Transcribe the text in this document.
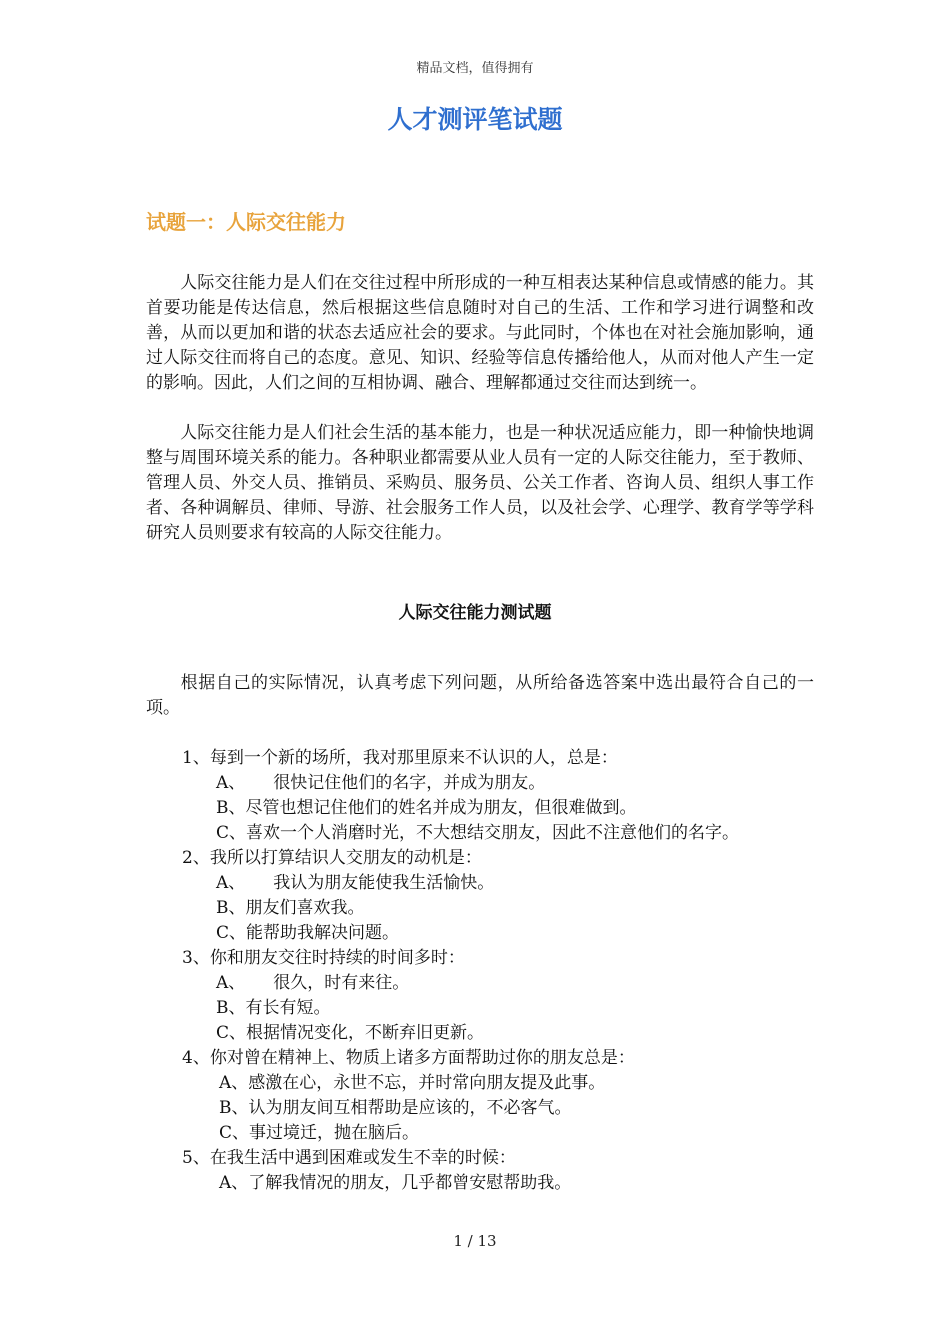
精品文档，值得拥有
人才测评笔试题
试题一：人际交往能力
人际交往能力是人们在交往过程中所形成的一种互相表达某种信息或情感的能力。其首要功能是传达信息，然后根据这些信息随时对自己的生活、工作和学习进行调整和改善，从而以更加和谐的状态去适应社会的要求。与此同时，个体也在对社会施加影响，通过人际交往而将自己的态度。意见、知识、经验等信息传播给他人，从而对他人产生一定的影响。因此，人们之间的互相协调、融合、理解都通过交往而达到统一。
人际交往能力是人们社会生活的基本能力，也是一种状况适应能力，即一种愉快地调整与周围环境关系的能力。各种职业都需要从业人员有一定的人际交往能力，至于教师、管理人员、外交人员、推销员、采购员、服务员、公关工作者、咨询人员、组织人事工作者、各种调解员、律师、导游、社会服务工作人员，以及社会学、心理学、教育学等学科研究人员则要求有较高的人际交往能力。
人际交往能力测试题
根据自己的实际情况，认真考虑下列问题，从所给备选答案中选出最符合自己的一项。
1、每到一个新的场所，我对那里原来不认识的人，总是：
A、 很快记住他们的名字，并成为朋友。
B、尽管也想记住他们的姓名并成为朋友，但很难做到。
C、喜欢一个人消磨时光，不大想结交朋友，因此不注意他们的名字。
2、我所以打算结识人交朋友的动机是：
A、 我认为朋友能使我生活愉快。
B、朋友们喜欢我。
C、能帮助我解决问题。
3、你和朋友交往时持续的时间多时：
A、 很久，时有来往。
B、有长有短。
C、根据情况变化，不断弃旧更新。
4、你对曾在精神上、物质上诸多方面帮助过你的朋友总是：
A、感激在心，永世不忘，并时常向朋友提及此事。
B、认为朋友间互相帮助是应该的，不必客气。
C、事过境迁，抛在脑后。
5、在我生活中遇到困难或发生不幸的时候：
A、了解我情况的朋友，几乎都曾安慰帮助我。
1 / 13
